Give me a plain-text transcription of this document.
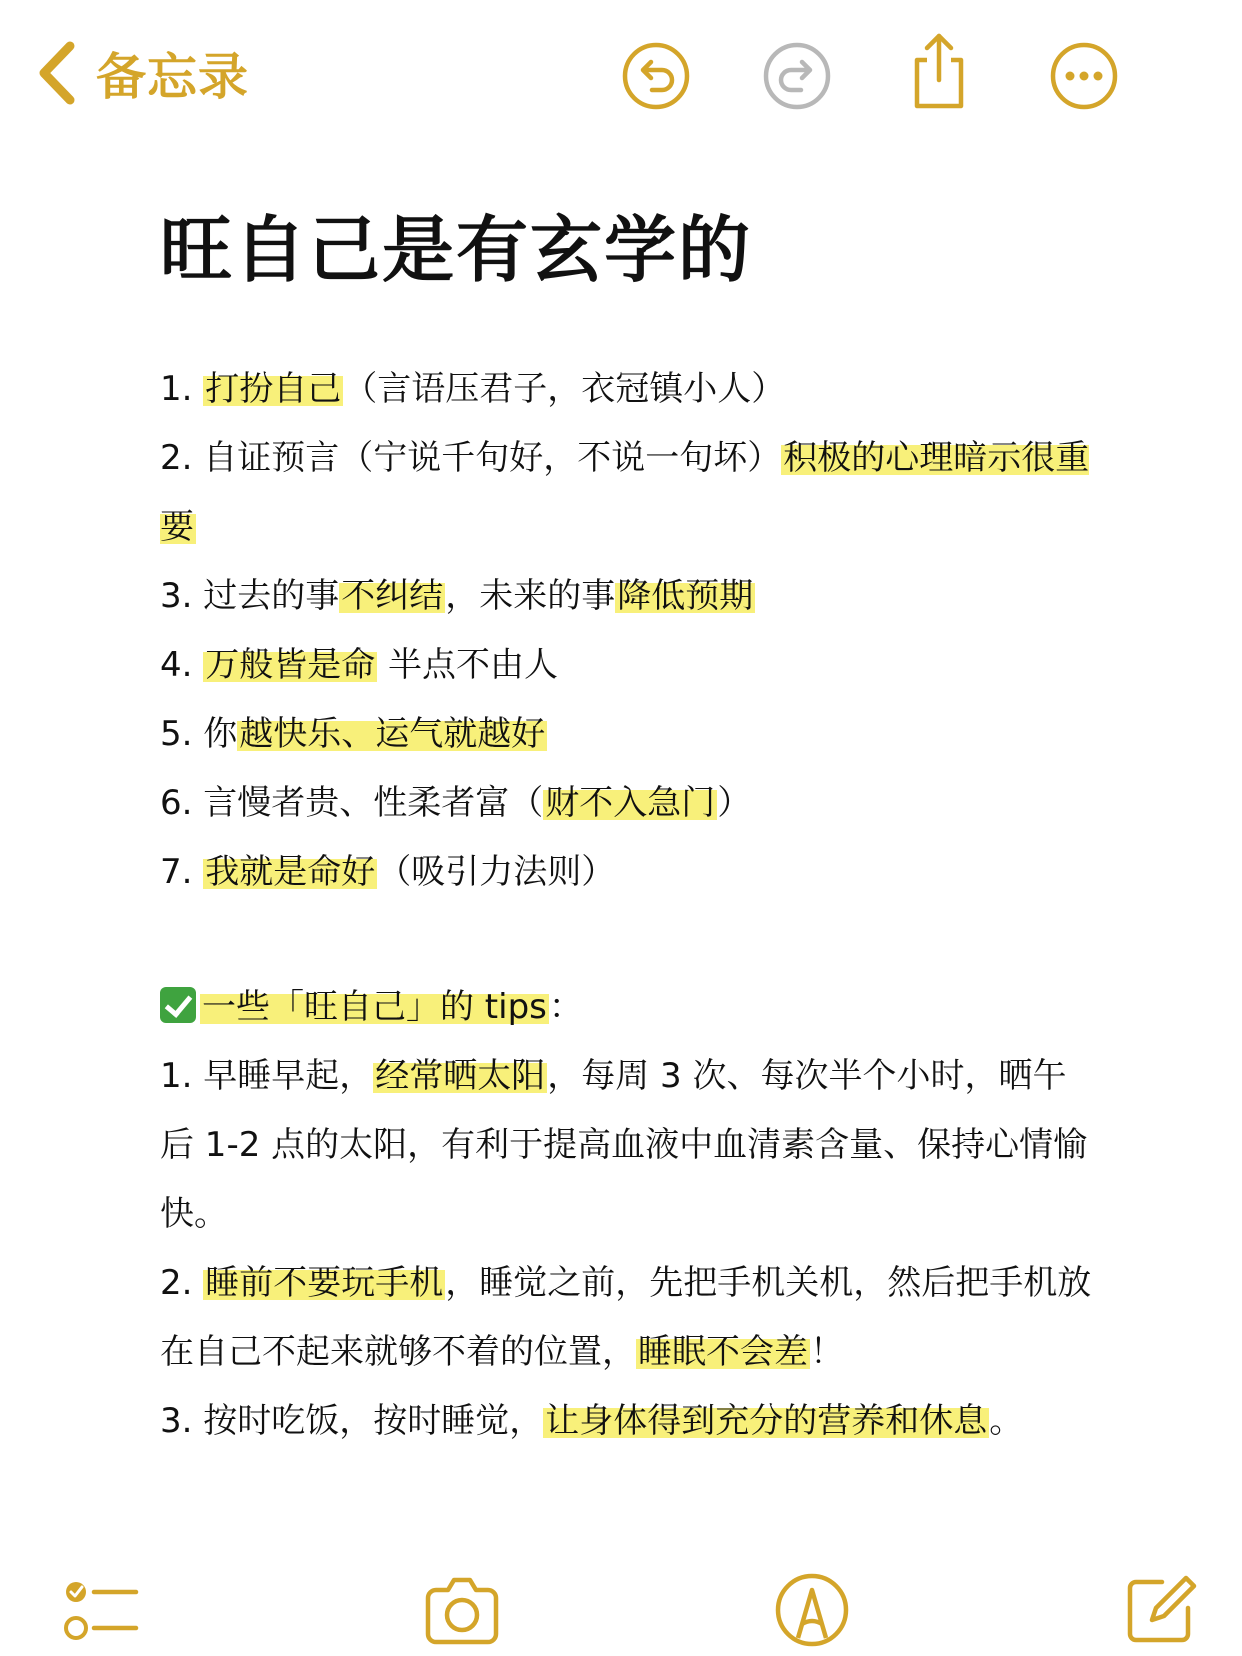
备忘录
旺自己是有玄学的
1. 打扮自己（言语压君子，衣冠镇小人）
2. 自证预言（宁说千句好，不说一句坏）积极的心理暗示很重要
3. 过去的事不纠结，未来的事降低预期
4. 万般皆是命 半点不由人
5. 你越快乐、运气就越好
6. 言慢者贵、性柔者富（财不入急门）
7. 我就是命好（吸引力法则）
一些「旺自己」的 tips：
1. 早睡早起，经常晒太阳，每周 3 次、每次半个小时，晒午后 1-2 点的太阳，有利于提高血液中血清素含量、保持心情愉快。
2. 睡前不要玩手机，睡觉之前，先把手机关机，然后把手机放在自己不起来就够不着的位置，睡眠不会差！
3. 按时吃饭，按时睡觉，让身体得到充分的营养和休息。
